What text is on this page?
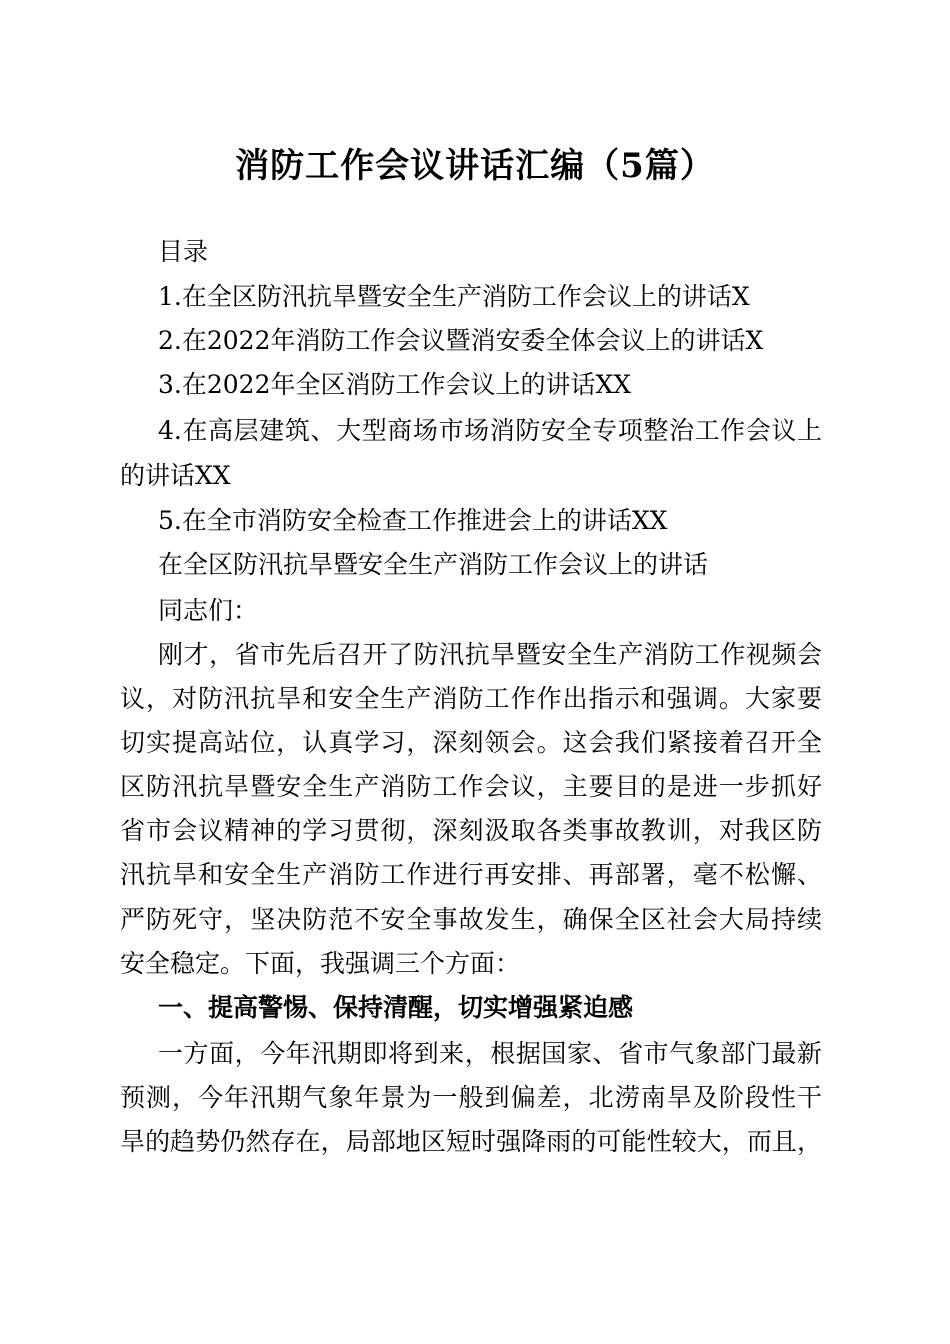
消防工作会议讲话汇编（5篇）
目录
1.在全区防汛抗旱暨安全生产消防工作会议上的讲话X
2.在2022年消防工作会议暨消安委全体会议上的讲话X
3.在2022年全区消防工作会议上的讲话XX
4.在高层建筑、大型商场市场消防安全专项整治工作会议上
的讲话XX
5.在全市消防安全检查工作推进会上的讲话XX
在全区防汛抗旱暨安全生产消防工作会议上的讲话
同志们：
刚才，省市先后召开了防汛抗旱暨安全生产消防工作视频会
议，对防汛抗旱和安全生产消防工作作出指示和强调。大家要
切实提高站位，认真学习，深刻领会。这会我们紧接着召开全
区防汛抗旱暨安全生产消防工作会议，主要目的是进一步抓好
省市会议精神的学习贯彻，深刻汲取各类事故教训，对我区防
汛抗旱和安全生产消防工作进行再安排、再部署，毫不松懈、
严防死守，坚决防范不安全事故发生，确保全区社会大局持续
安全稳定。下面，我强调三个方面：
一、提高警惕、保持清醒，切实增强紧迫感
一方面，今年汛期即将到来，根据国家、省市气象部门最新
预测，今年汛期气象年景为一般到偏差，北涝南旱及阶段性干
旱的趋势仍然存在，局部地区短时强降雨的可能性较大，而且，
